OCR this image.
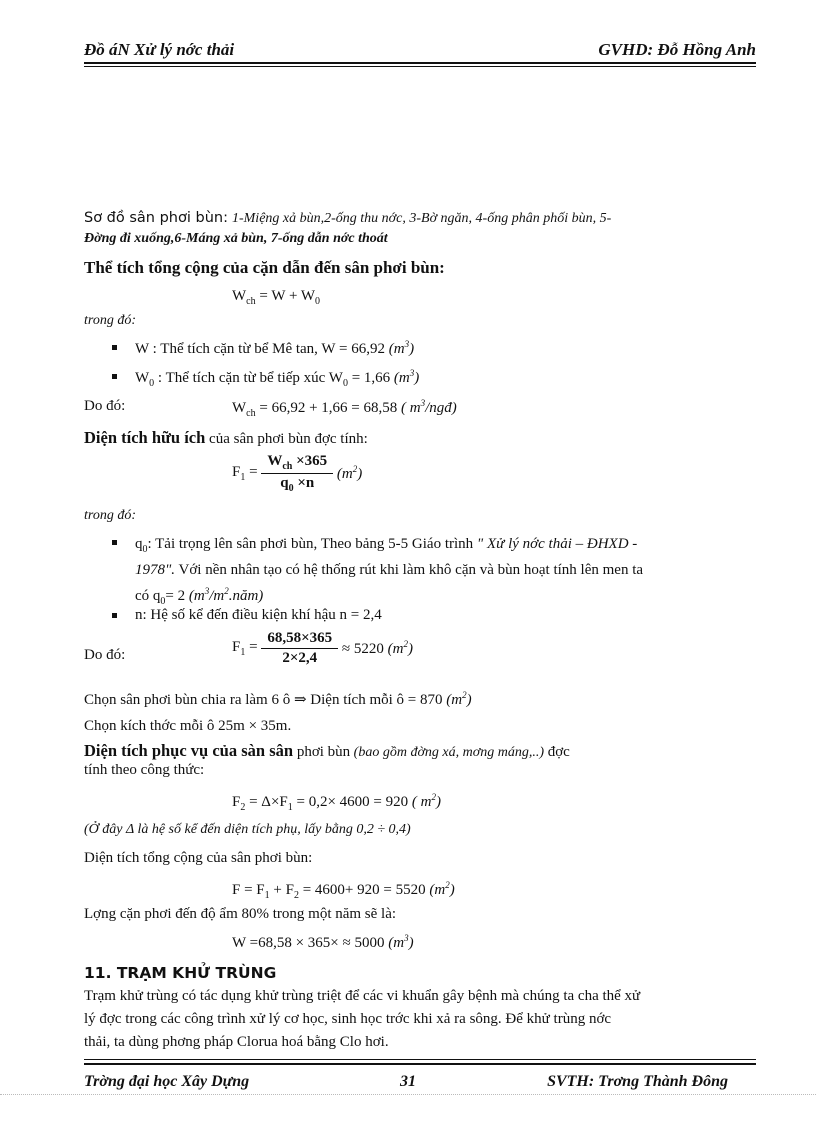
Đồ áN Xử lý nớc thải	GVHD: Đỗ Hồng Anh
Sơ đồ sân phơi bùn: 1-Miệng xả bùn,2-ống thu nớc, 3-Bờ ngăn, 4-ống phân phối bùn, 5-
Đờng đi xuống,6-Máng xả bùn, 7-ống dẫn nớc thoát
Thể tích tổng cộng của cặn dẫn đến sân phơi bùn:
$W_{ch} = W + W_0$
trong đó:
W : Thể tích cặn từ bể Mê tan, W = 66,92 $(m^3)$
$W_0$ : Thể tích cặn từ bể tiếp xúc $W_0 = 1,66$ $(m^3)$
Do đó:	$W_{ch} = 66,92 + 1,66 = 68,58$ ( $m^3/ngđ$)
Diện tích hữu ích của sân phơi bùn đợc tính:
$F_1 = \frac{W_{ch} \times 365}{q_0 \times n} (m^2)$
trong đó:
$q_0$: Tải trọng lên sân phơi bùn, Theo bảng 5-5 Giáo trình " Xử lý nớc thải – ĐHXD -
1978". Với nền nhân tạo có hệ thống rút khi làm khô cặn và bùn hoạt tính lên men ta
có $q_0= 2$ $(m^3/m^2.năm)$
n: Hệ số kể đến điều kiện khí hậu n = 2,4
Do đó:	$F_1 = \frac{68,58\times 365}{2\times 2,4} \approx 5220$ $(m^2)$
Chọn sân phơi bùn chia ra làm 6 ô ⇒ Diện tích mỗi ô = 870 $(m^2)$
Chọn kích thớc mỗi ô 25m × 35m.
Diện tích phục vụ của sàn sân phơi bùn (bao gồm đờng xá, mơng máng,..) đợc
tính theo công thức:
$F_2 = \Delta\times F_1 = 0,2\times 4600 = 920$ ( $m^2$)
(Ở đây Δ là hệ số kể đến diện tích phụ, lấy bằng 0,2 ÷ 0,4)
Diện tích tổng cộng của sân phơi bùn:
$F = F_1 + F_2 = 4600+ 920 = 5520$ $(m^2)$
Lợng cặn phơi đến độ ẩm 80% trong một năm sẽ là:
W =68,58 × 365× ≈ 5000 $(m^3)$
11. TRẠM KHỬ TRÙNG
Trạm khử trùng có tác dụng khử trùng triệt để các vi khuẩn gây bệnh mà chúng ta cha thể xử
lý đợc trong các công trình xử lý cơ học, sinh học trớc khi xả ra sông. Để khử trùng nớc
thải, ta dùng phơng pháp Clorua hoá bằng Clo hơi.
Trờng đại học Xây Dựng	31	SVTH: Trơng Thành Đông
